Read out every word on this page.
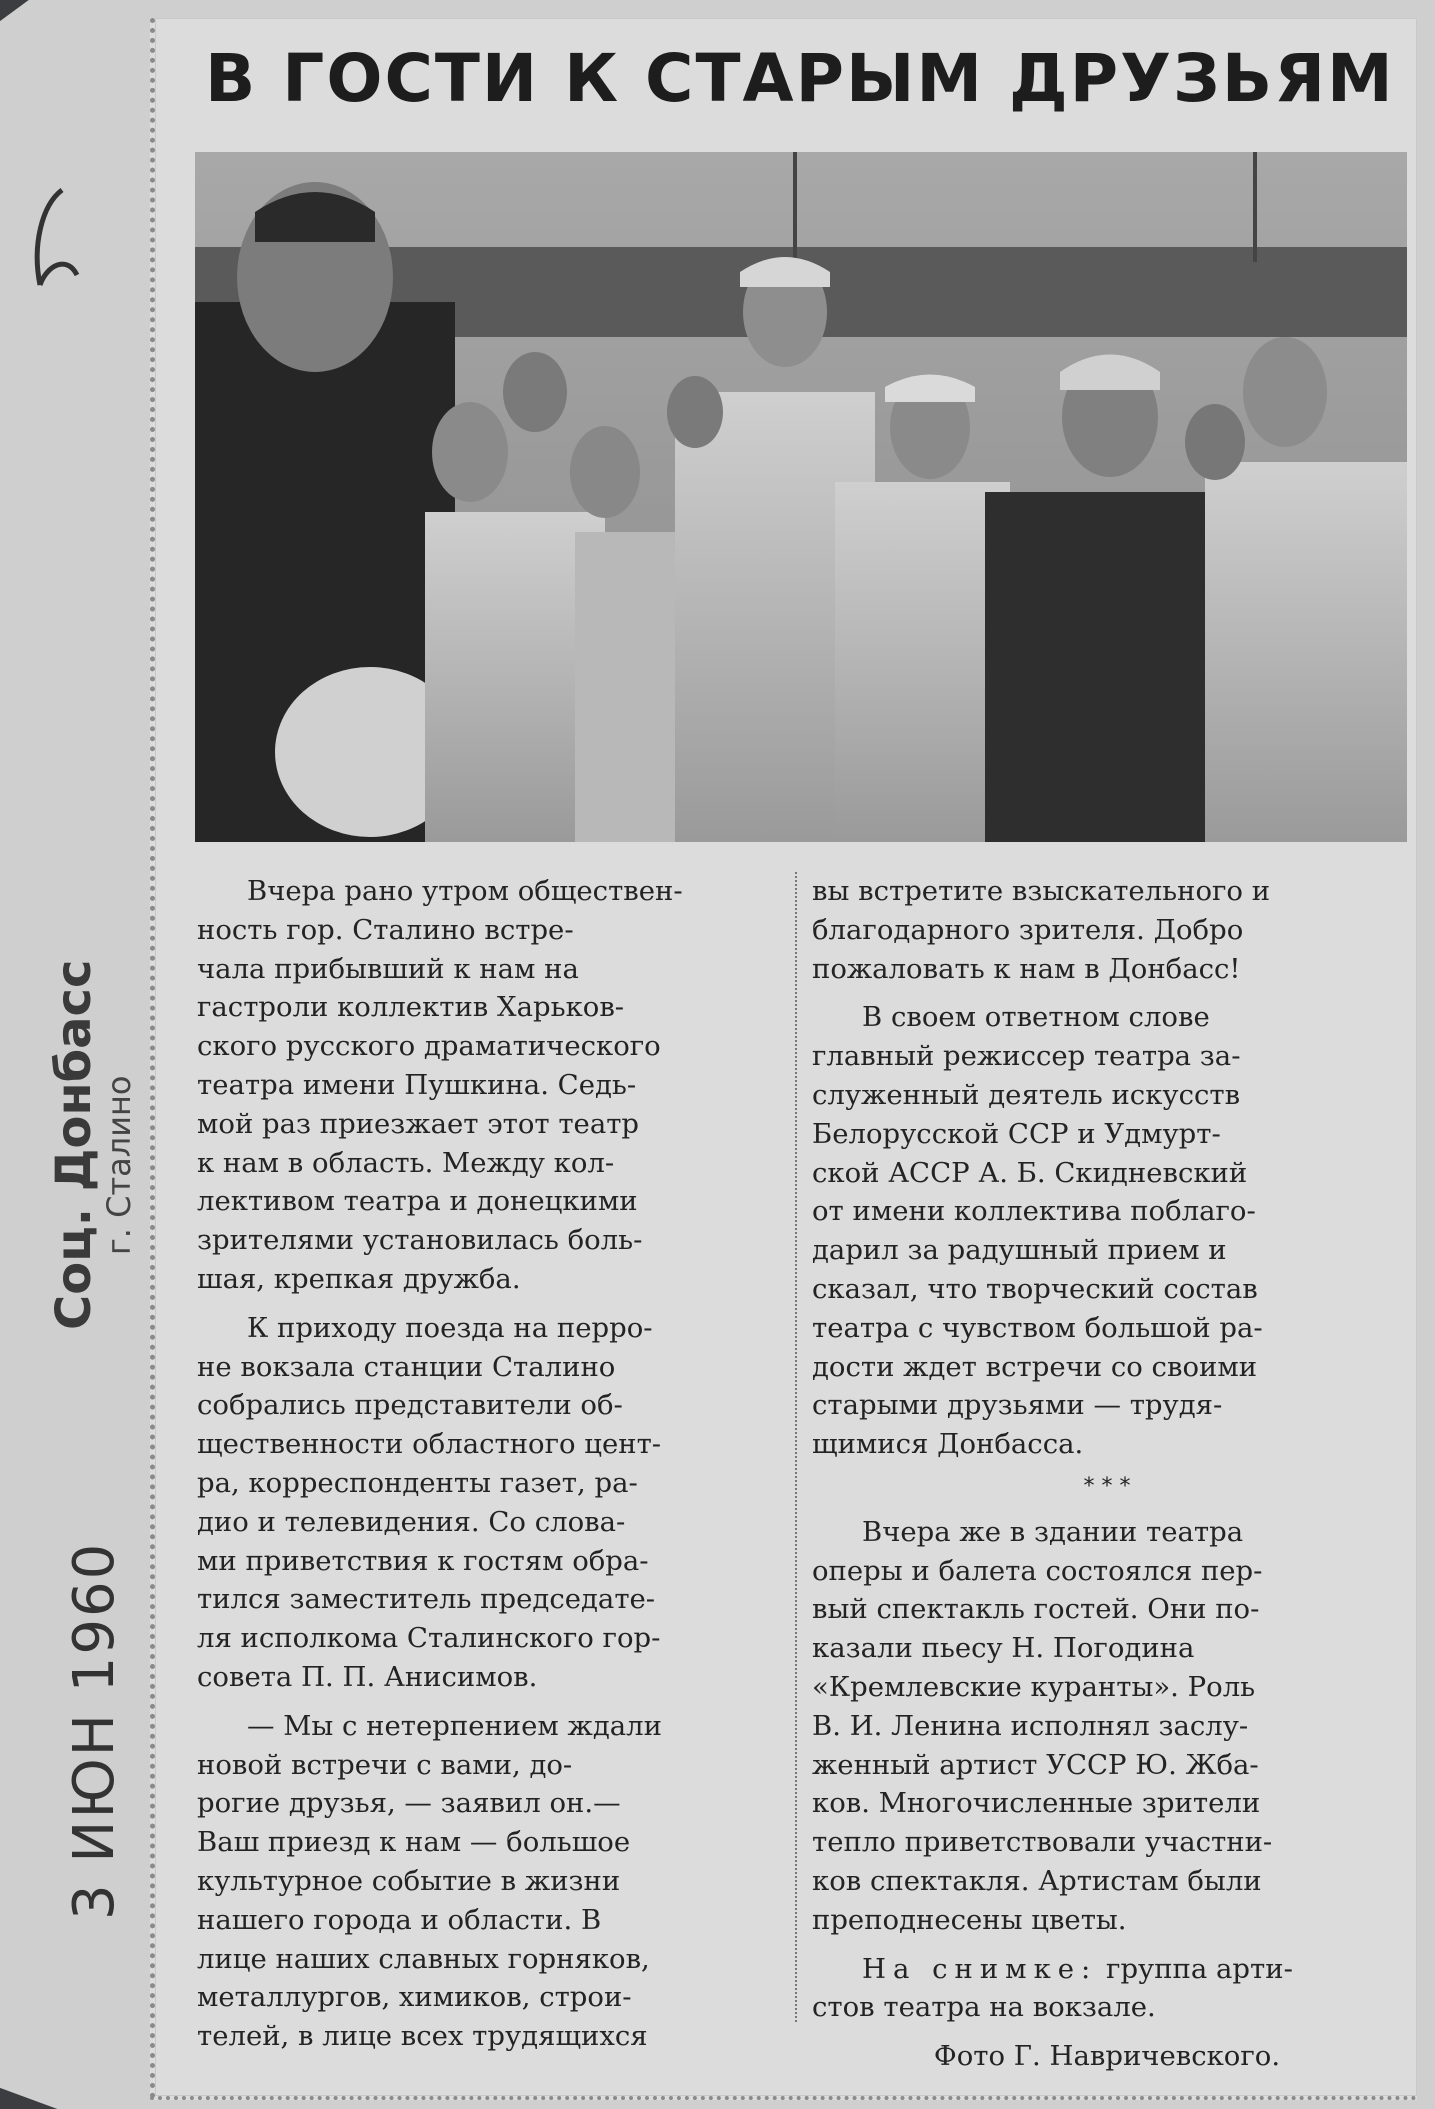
Соц. Донбасс
г. Сталино
3 ИЮН 1960
В ГОСТИ К СТАРЫМ ДРУЗЬЯМ

Вчера рано утром обществен-
ность гор. Сталино встре-
чала прибывший к нам на
гастроли коллектив Харьков-
ского русского драматического
театра имени Пушкина. Седь-
мой раз приезжает этот театр
к нам в область. Между кол-
лективом театра и донецкими
зрителями установилась боль-
шая, крепкая дружба.

К приходу поезда на перро-
не вокзала станции Сталино
собрались представители об-
щественности областного цент-
ра, корреспонденты газет, ра-
дио и телевидения. Со слова-
ми приветствия к гостям обра-
тился заместитель председате-
ля исполкома Сталинского гор-
совета П. П. Анисимов.

— Мы с нетерпением ждали
новой встречи с вами, до-
рогие друзья, — заявил он.—
Ваш приезд к нам — большое
культурное событие в жизни
нашего города и области. В
лице наших славных горняков,
металлургов, химиков, строи-
телей, в лице всех трудящихся

вы встретите взыскательного и
благодарного зрителя. Добро
пожаловать к нам в Донбасс!

В своем ответном слове
главный режиссер театра за-
служенный деятель искусств
Белорусской ССР и Удмурт-
ской АССР А. Б. Скидневский
от имени коллектива поблаго-
дарил за радушный прием и
сказал, что творческий состав
театра с чувством большой ра-
дости ждет встречи со своими
старыми друзьями — трудя-
щимися Донбасса.

* * *

Вчера же в здании театра
оперы и балета состоялся пер-
вый спектакль гостей. Они по-
казали пьесу Н. Погодина
«Кремлевские куранты». Роль
В. И. Ленина исполнял заслу-
женный артист УССР Ю. Жба-
ков. Многочисленные зрители
тепло приветствовали участни-
ков спектакля. Артистам были
преподнесены цветы.

На снимке: группа арти-
стов театра на вокзале.

Фото Г. Навричевского.
